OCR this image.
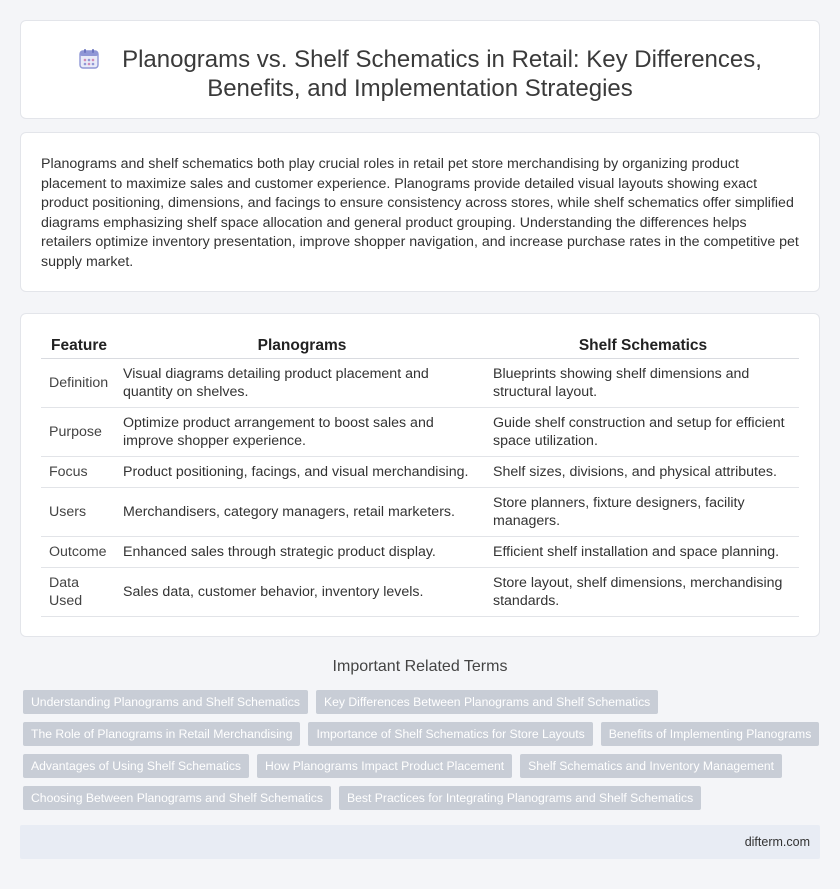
Planograms vs. Shelf Schematics in Retail: Key Differences, Benefits, and Implementation Strategies

Planograms and shelf schematics both play crucial roles in retail pet store merchandising by organizing product placement to maximize sales and customer experience. Planograms provide detailed visual layouts showing exact product positioning, dimensions, and facings to ensure consistency across stores, while shelf schematics offer simplified diagrams emphasizing shelf space allocation and general product grouping. Understanding the differences helps retailers optimize inventory presentation, improve shopper navigation, and increase purchase rates in the competitive pet supply market.

Feature	Planograms	Shelf Schematics
Definition	Visual diagrams detailing product placement and quantity on shelves.	Blueprints showing shelf dimensions and structural layout.
Purpose	Optimize product arrangement to boost sales and improve shopper experience.	Guide shelf construction and setup for efficient space utilization.
Focus	Product positioning, facings, and visual merchandising.	Shelf sizes, divisions, and physical attributes.
Users	Merchandisers, category managers, retail marketers.	Store planners, fixture designers, facility managers.
Outcome	Enhanced sales through strategic product display.	Efficient shelf installation and space planning.
Data Used	Sales data, customer behavior, inventory levels.	Store layout, shelf dimensions, merchandising standards.
Important Related Terms
Understanding Planograms and Shelf Schematics	Key Differences Between Planograms and Shelf Schematics
The Role of Planograms in Retail Merchandising	Importance of Shelf Schematics for Store Layouts	Benefits of Implementing Planograms
Advantages of Using Shelf Schematics	How Planograms Impact Product Placement	Shelf Schematics and Inventory Management
Choosing Between Planograms and Shelf Schematics	Best Practices for Integrating Planograms and Shelf Schematics
difterm.com
